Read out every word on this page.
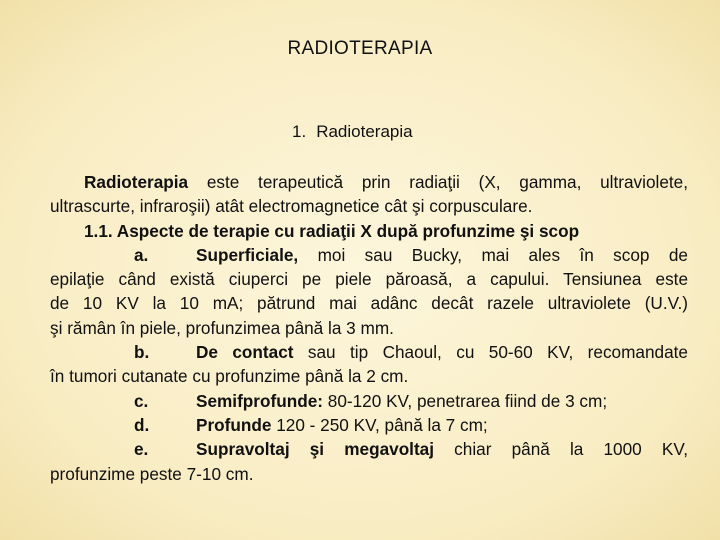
RADIOTERAPIA
1. Radioterapia

Radioterapia este terapeutică prin radiaţii (X, gamma, ultraviolete,

ultrascurte, infraroşii) atât electromagnetice cât şi corpusculare.

1.1. Aspecte de terapie cu radiaţii X după profunzime şi scop

a.	Superficiale, moi sau Bucky, mai ales în scop de

epilaţie când există ciuperci pe piele păroasă, a capului. Tensiunea este

de 10 KV la 10 mA; pătrund mai adânc decât razele ultraviolete (U.V.)

şi rămân în piele, profunzimea până la 3 mm.

b.	De contact sau tip Chaoul, cu 50-60 KV, recomandate

în tumori cutanate cu profunzime până la 2 cm.

c.	Semifprofunde: 80-120 KV, penetrarea fiind de 3 cm;
d.	Profunde 120 - 250 KV, până la 7 cm;
e.	Supravoltaj şi megavoltaj chiar până la 1000 KV,

profunzime peste 7-10 cm.
